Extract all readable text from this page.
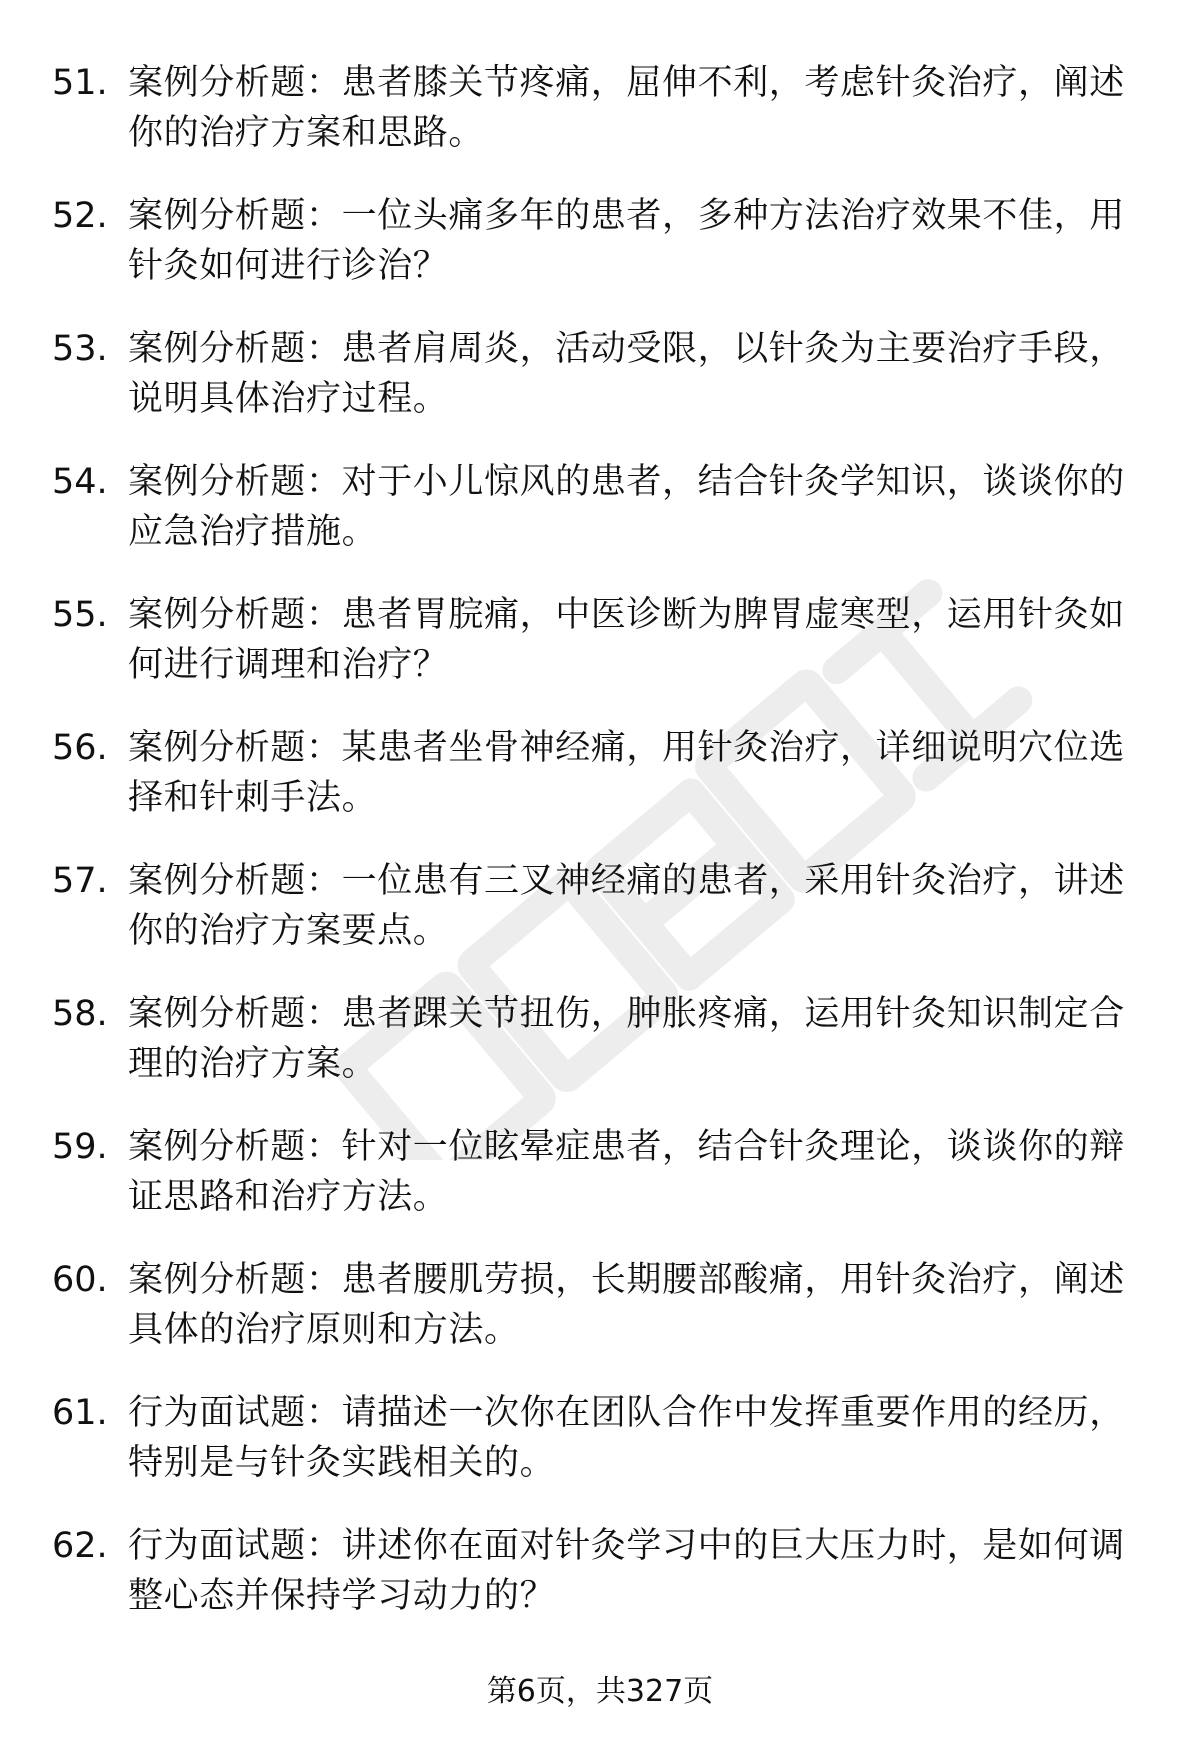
51. 案例分析题：患者膝关节疼痛，屈伸不利，考虑针灸治疗，阐述
你的治疗方案和思路。
52. 案例分析题：一位头痛多年的患者，多种方法治疗效果不佳，用
针灸如何进行诊治？
53. 案例分析题：患者肩周炎，活动受限，以针灸为主要治疗手段，
说明具体治疗过程。
54. 案例分析题：对于小儿惊风的患者，结合针灸学知识，谈谈你的
应急治疗措施。
55. 案例分析题：患者胃脘痛，中医诊断为脾胃虚寒型，运用针灸如
何进行调理和治疗？
56. 案例分析题：某患者坐骨神经痛，用针灸治疗，详细说明穴位选
择和针刺手法。
57. 案例分析题：一位患有三叉神经痛的患者，采用针灸治疗，讲述
你的治疗方案要点。
58. 案例分析题：患者踝关节扭伤，肿胀疼痛，运用针灸知识制定合
理的治疗方案。
59. 案例分析题：针对一位眩晕症患者，结合针灸理论，谈谈你的辩
证思路和治疗方法。
60. 案例分析题：患者腰肌劳损，长期腰部酸痛，用针灸治疗，阐述
具体的治疗原则和方法。
61. 行为面试题：请描述一次你在团队合作中发挥重要作用的经历，
特别是与针灸实践相关的。
62. 行为面试题：讲述你在面对针灸学习中的巨大压力时，是如何调
整心态并保持学习动力的？
第6页，共327页
